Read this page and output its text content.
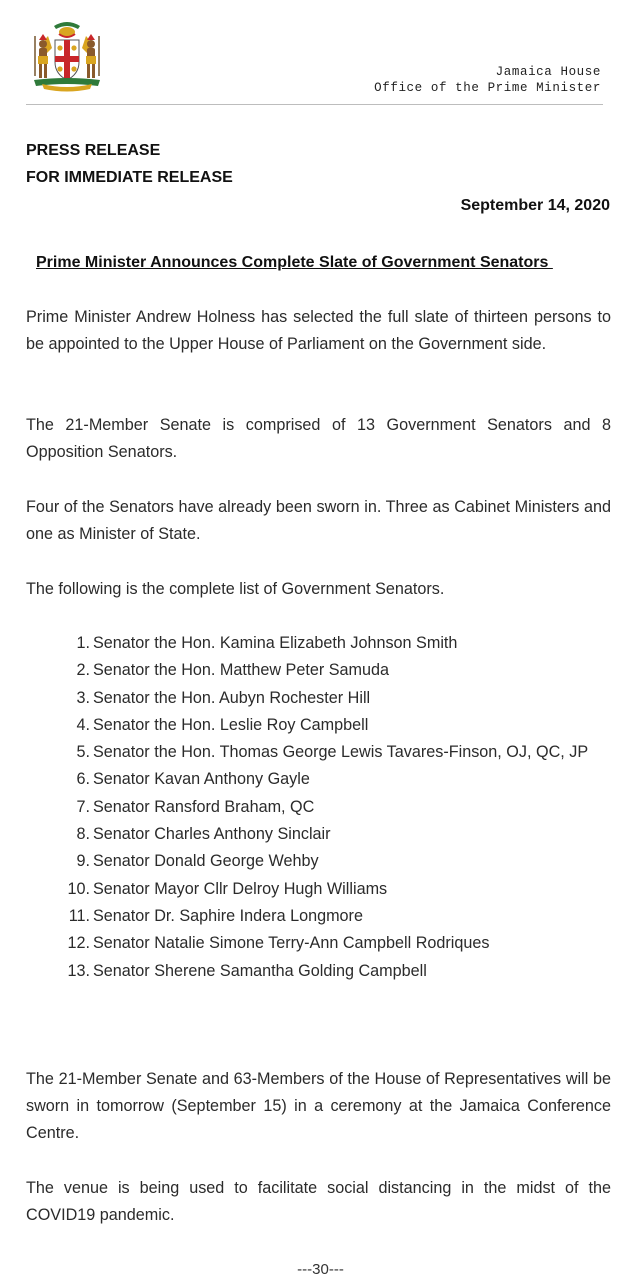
Jamaica House
Office of the Prime Minister
PRESS RELEASE
FOR IMMEDIATE RELEASE
September 14, 2020
Prime Minister Announces Complete Slate of Government Senators
Prime Minister Andrew Holness has selected the full slate of thirteen persons to be appointed to the Upper House of Parliament on the Government side.
The 21-Member Senate is comprised of 13 Government Senators and 8 Opposition Senators.
Four of the Senators have already been sworn in. Three as Cabinet Ministers and one as Minister of State.
The following is the complete list of Government Senators.
1. Senator the Hon. Kamina Elizabeth Johnson Smith
2. Senator the Hon. Matthew Peter Samuda
3. Senator the Hon. Aubyn Rochester Hill
4. Senator the Hon. Leslie Roy Campbell
5. Senator the Hon. Thomas George Lewis Tavares-Finson, OJ, QC, JP
6. Senator Kavan Anthony Gayle
7. Senator Ransford Braham, QC
8. Senator Charles Anthony Sinclair
9. Senator Donald George Wehby
10. Senator Mayor Cllr Delroy Hugh Williams
11. Senator Dr. Saphire Indera Longmore
12. Senator Natalie Simone Terry-Ann Campbell Rodriques
13. Senator Sherene Samantha Golding Campbell
The 21-Member Senate and 63-Members of the House of Representatives will be sworn in tomorrow (September 15) in a ceremony at the Jamaica Conference Centre.
The venue is being used to facilitate social distancing in the midst of the COVID19 pandemic.
---30---
